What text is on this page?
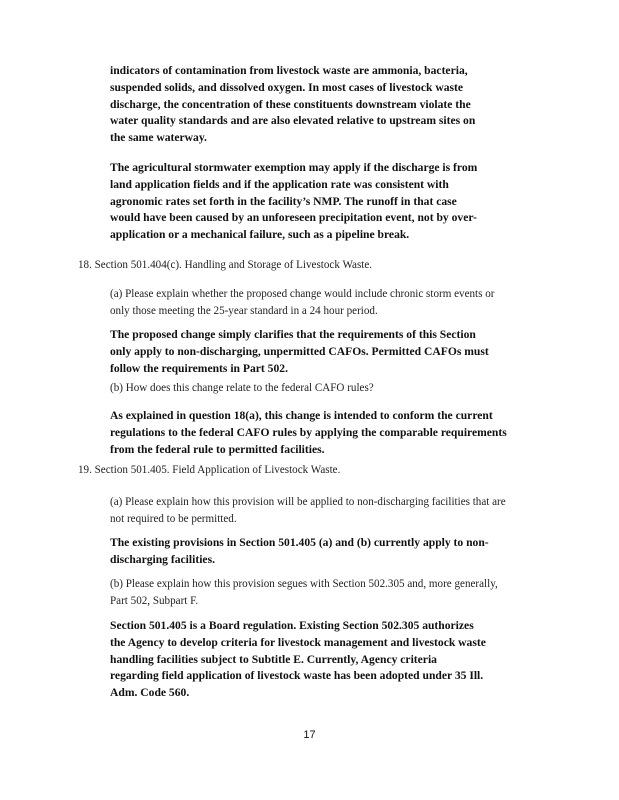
indicators of contamination from livestock waste are ammonia, bacteria,
suspended solids, and dissolved oxygen. In most cases of livestock waste
discharge, the concentration of these constituents downstream violate the
water quality standards and are also elevated relative to upstream sites on
the same waterway.

The agricultural stormwater exemption may apply if the discharge is from
land application fields and if the application rate was consistent with
agronomic rates set forth in the facility’s NMP. The runoff in that case
would have been caused by an unforeseen precipitation event, not by over-
application or a mechanical failure, such as a pipeline break.

18. Section 501.404(c). Handling and Storage of Livestock Waste.

(a) Please explain whether the proposed change would include chronic storm events or
only those meeting the 25-year standard in a 24 hour period.

The proposed change simply clarifies that the requirements of this Section
only apply to non-discharging, unpermitted CAFOs. Permitted CAFOs must
follow the requirements in Part 502.

(b) How does this change relate to the federal CAFO rules?

As explained in question 18(a), this change is intended to conform the current
regulations to the federal CAFO rules by applying the comparable requirements
from the federal rule to permitted facilities.

19. Section 501.405. Field Application of Livestock Waste.

(a) Please explain how this provision will be applied to non-discharging facilities that are
not required to be permitted.

The existing provisions in Section 501.405 (a) and (b) currently apply to non-
discharging facilities.

(b) Please explain how this provision segues with Section 502.305 and, more generally,
Part 502, Subpart F.

Section 501.405 is a Board regulation. Existing Section 502.305 authorizes
the Agency to develop criteria for livestock management and livestock waste
handling facilities subject to Subtitle E. Currently, Agency criteria
regarding field application of livestock waste has been adopted under 35 Ill.
Adm. Code 560.

17
